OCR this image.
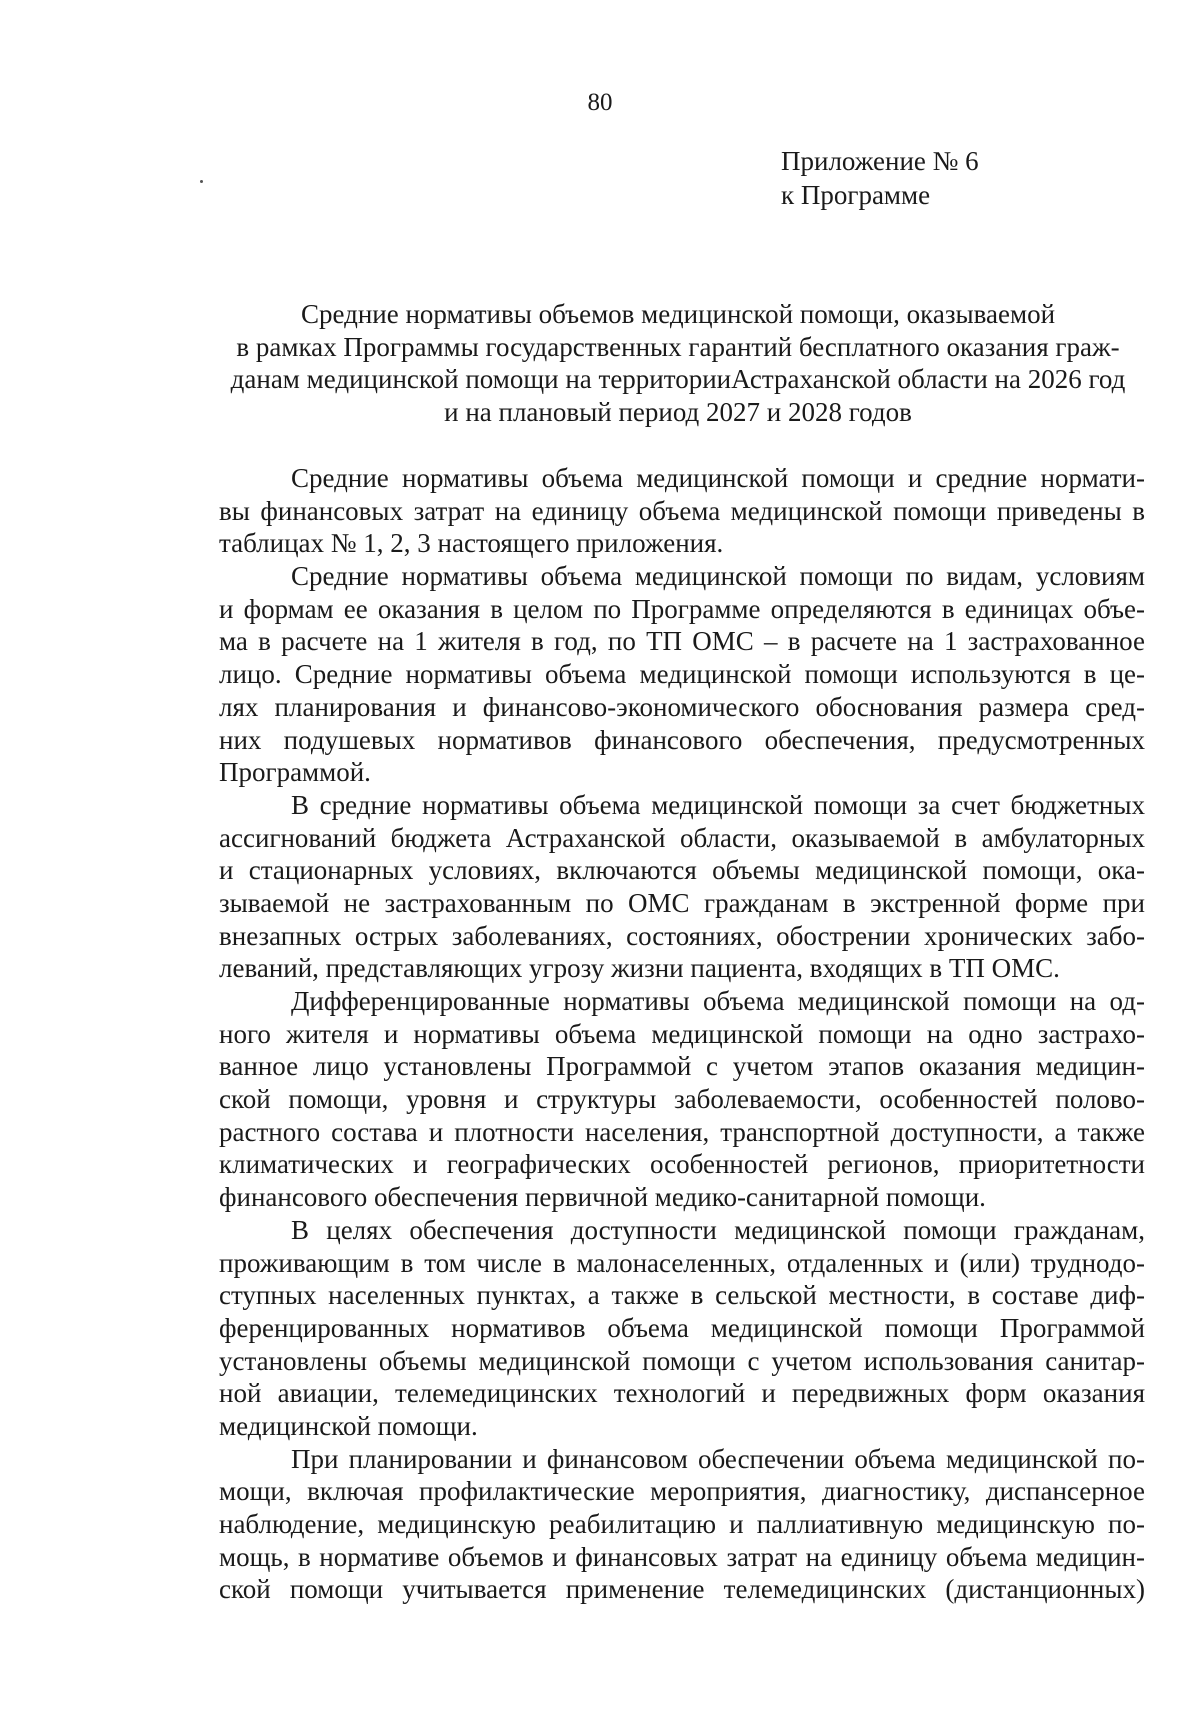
80
Приложение № 6
к Программе
Средние нормативы объемов медицинской помощи, оказываемой
в рамках Программы государственных гарантий бесплатного оказания граж-
данам медицинской помощи на территорииАстраханской области на 2026 год
и на плановый период 2027 и 2028 годов
Средние нормативы объема медицинской помощи и средние нормати-
вы финансовых затрат на единицу объема медицинской помощи приведены в
таблицах № 1, 2, 3 настоящего приложения.
Средние нормативы объема медицинской помощи по видам, условиям
и формам ее оказания в целом по Программе определяются в единицах объе-
ма в расчете на 1 жителя в год, по ТП ОМС – в расчете на 1 застрахованное
лицо. Средние нормативы объема медицинской помощи используются в це-
лях планирования и финансово-экономического обоснования размера сред-
них подушевых нормативов финансового обеспечения, предусмотренных
Программой.
В средние нормативы объема медицинской помощи за счет бюджетных
ассигнований бюджета Астраханской области, оказываемой в амбулаторных
и стационарных условиях, включаются объемы медицинской помощи, ока-
зываемой не застрахованным по ОМС гражданам в экстренной форме при
внезапных острых заболеваниях, состояниях, обострении хронических забо-
леваний, представляющих угрозу жизни пациента, входящих в ТП ОМС.
Дифференцированные нормативы объема медицинской помощи на од-
ного жителя и нормативы объема медицинской помощи на одно застрахо-
ванное лицо установлены Программой с учетом этапов оказания медицин-
ской помощи, уровня и структуры заболеваемости, особенностей полово-
растного состава и плотности населения, транспортной доступности, а также
климатических и географических особенностей регионов, приоритетности
финансового обеспечения первичной медико-санитарной помощи.
В целях обеспечения доступности медицинской помощи гражданам,
проживающим в том числе в малонаселенных, отдаленных и (или) труднодо-
ступных населенных пунктах, а также в сельской местности, в составе диф-
ференцированных нормативов объема медицинской помощи Программой
установлены объемы медицинской помощи с учетом использования санитар-
ной авиации, телемедицинских технологий и передвижных форм оказания
медицинской помощи.
При планировании и финансовом обеспечении объема медицинской по-
мощи, включая профилактические мероприятия, диагностику, диспансерное
наблюдение, медицинскую реабилитацию и паллиативную медицинскую по-
мощь, в нормативе объемов и финансовых затрат на единицу объема медицин-
ской помощи учитывается применение телемедицинских (дистанционных)
